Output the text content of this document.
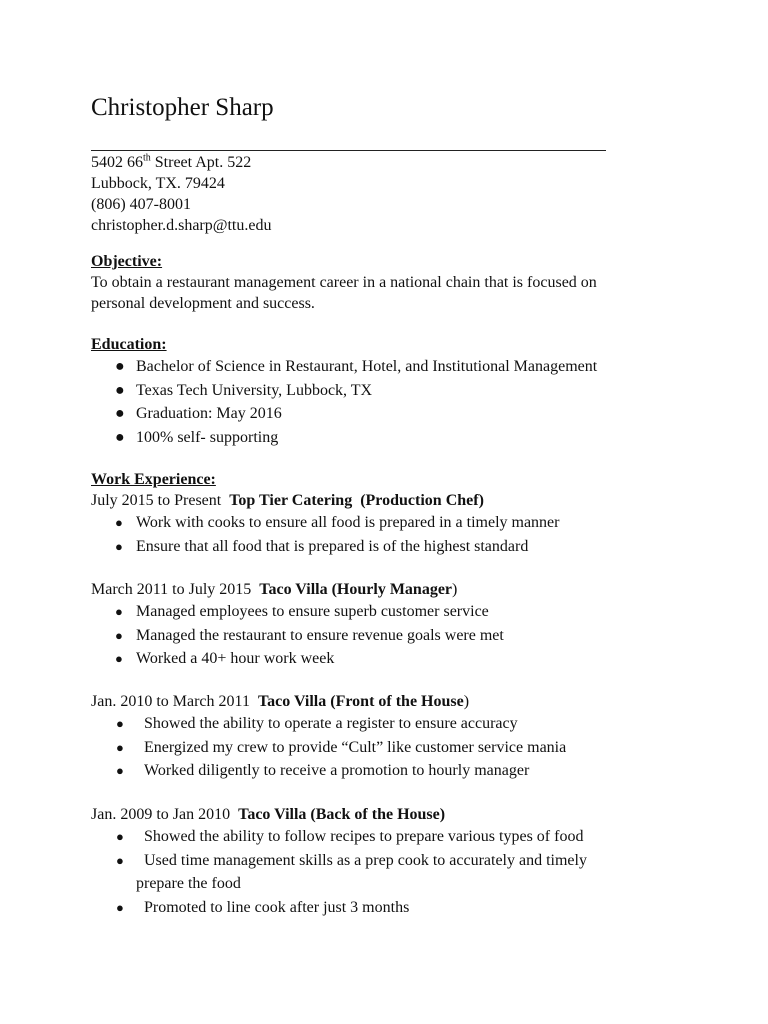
Christopher Sharp
5402 66th Street Apt. 522
Lubbock, TX. 79424
(806) 407-8001
christopher.d.sharp@ttu.edu
Objective:
To obtain a restaurant management career in a national chain that is focused on
personal development and success.
Education:
● Bachelor of Science in Restaurant, Hotel, and Institutional Management
● Texas Tech University, Lubbock, TX
● Graduation: May 2016
● 100% self- supporting
Work Experience:
July 2015 to Present Top Tier Catering (Production Chef)
● Work with cooks to ensure all food is prepared in a timely manner
● Ensure that all food that is prepared is of the highest standard
March 2011 to July 2015 Taco Villa (Hourly Manager)
● Managed employees to ensure superb customer service
● Managed the restaurant to ensure revenue goals were met
● Worked a 40+ hour work week
Jan. 2010 to March 2011 Taco Villa (Front of the House)
● Showed the ability to operate a register to ensure accuracy
● Energized my crew to provide “Cult” like customer service mania
● Worked diligently to receive a promotion to hourly manager
Jan. 2009 to Jan 2010 Taco Villa (Back of the House)
● Showed the ability to follow recipes to prepare various types of food
● Used time management skills as a prep cook to accurately and timely
prepare the food
● Promoted to line cook after just 3 months
